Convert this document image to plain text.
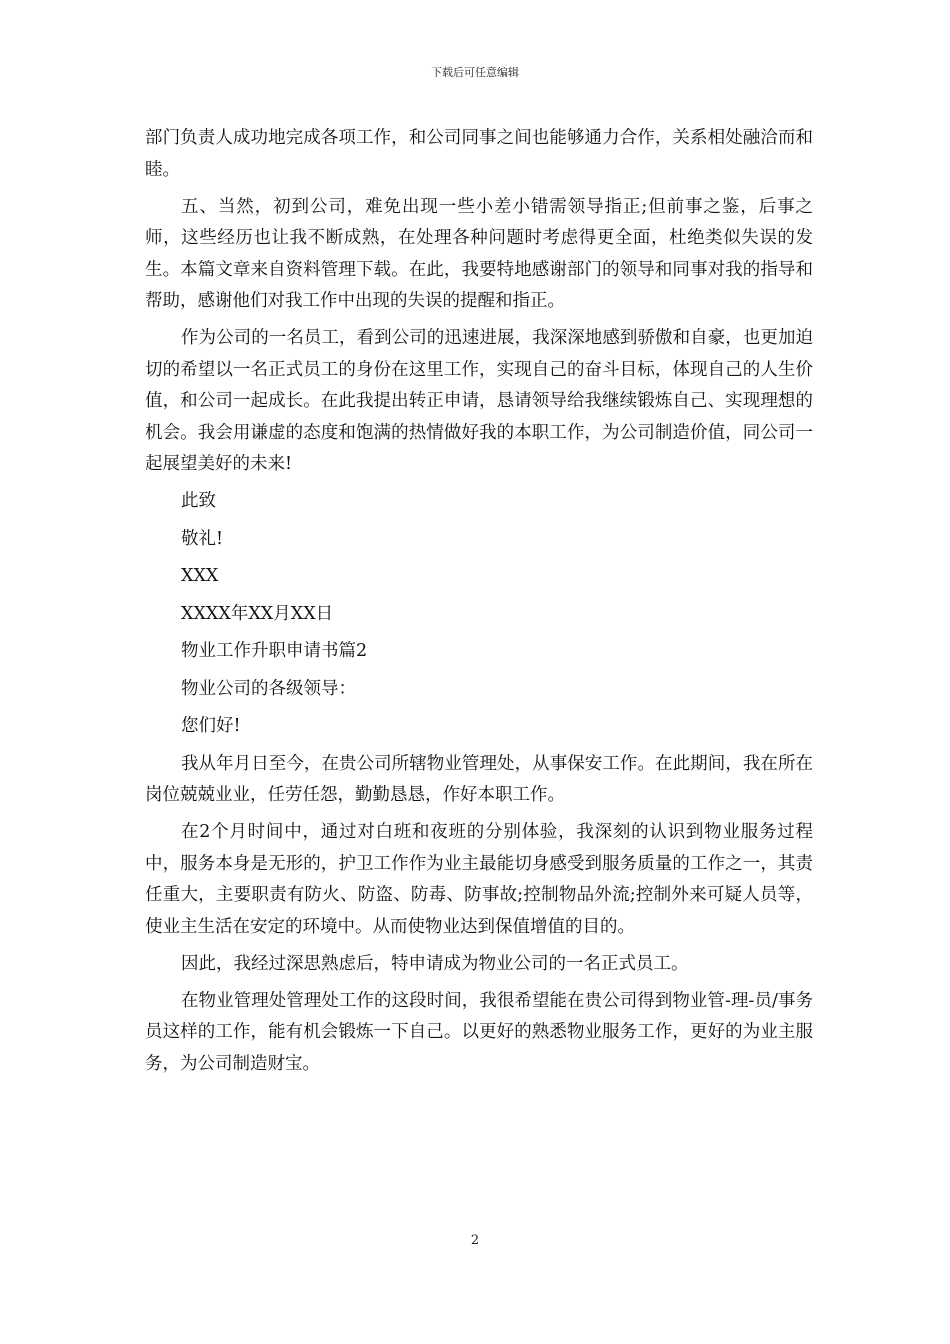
下载后可任意编辑

部门负责人成功地完成各项工作，和公司同事之间也能够通力合作，关系相处融洽而和睦。

五、当然，初到公司，难免出现一些小差小错需领导指正;但前事之鉴，后事之师，这些经历也让我不断成熟，在处理各种问题时考虑得更全面，杜绝类似失误的发生。本篇文章来自资料管理下载。在此，我要特地感谢部门的领导和同事对我的指导和帮助，感谢他们对我工作中出现的失误的提醒和指正。

作为公司的一名员工，看到公司的迅速进展，我深深地感到骄傲和自豪，也更加迫切的希望以一名正式员工的身份在这里工作，实现自己的奋斗目标，体现自己的人生价值，和公司一起成长。在此我提出转正申请，恳请领导给我继续锻炼自己、实现理想的机会。我会用谦虚的态度和饱满的热情做好我的本职工作，为公司制造价值，同公司一起展望美好的未来!

此致

敬礼!

XXX

XXXX年XX月XX日

物业工作升职申请书篇2

物业公司的各级领导：

您们好!

我从年月日至今，在贵公司所辖物业管理处，从事保安工作。在此期间，我在所在岗位兢兢业业，任劳任怨，勤勤恳恳，作好本职工作。

在2个月时间中，通过对白班和夜班的分别体验，我深刻的认识到物业服务过程中，服务本身是无形的，护卫工作作为业主最能切身感受到服务质量的工作之一，其责任重大，主要职责有防火、防盗、防毒、防事故;控制物品外流;控制外来可疑人员等，使业主生活在安定的环境中。从而使物业达到保值增值的目的。

因此，我经过深思熟虑后，特申请成为物业公司的一名正式员工。

在物业管理处管理处工作的这段时间，我很希望能在贵公司得到物业管-理-员/事务员这样的工作，能有机会锻炼一下自己。以更好的熟悉物业服务工作，更好的为业主服务，为公司制造财宝。

2
